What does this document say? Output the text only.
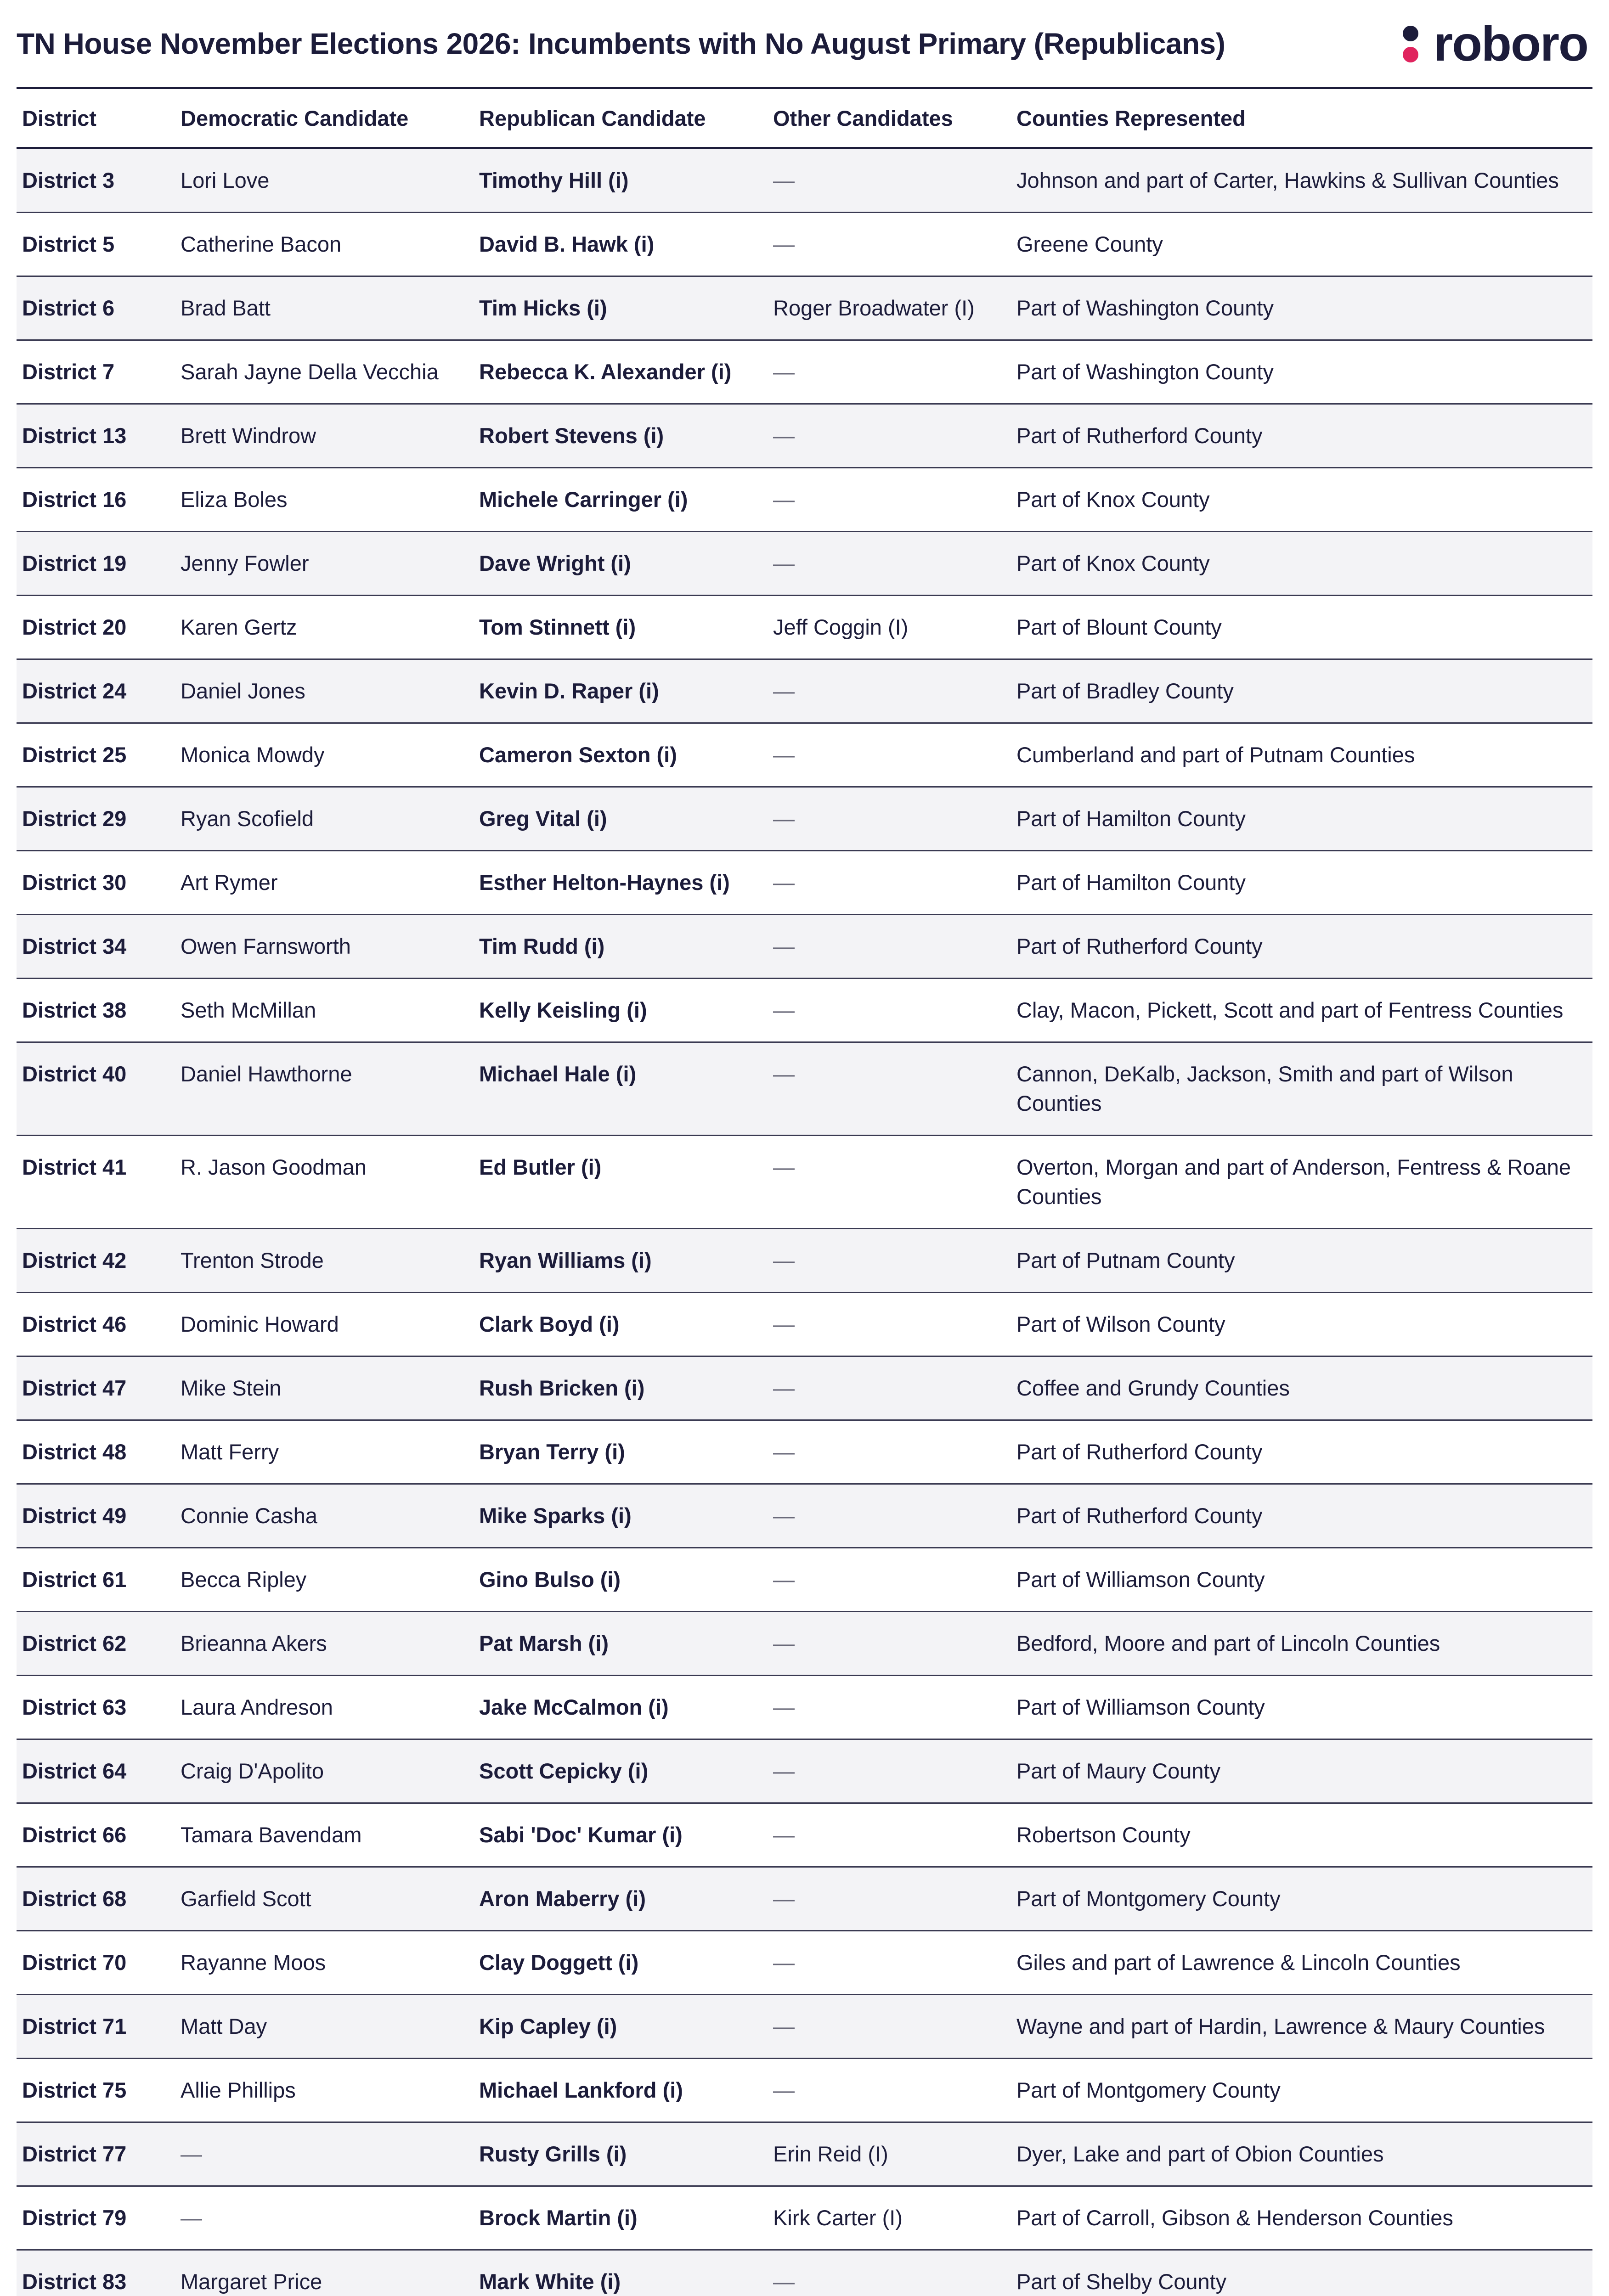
TN House November Elections 2026: Incumbents with No August Primary (Republicans)	roboro
District	Democratic Candidate	Republican Candidate	Other Candidates	Counties Represented
District 3	Lori Love	Timothy Hill (i)	—	Johnson and part of Carter, Hawkins & Sullivan Counties
District 5	Catherine Bacon	David B. Hawk (i)	—	Greene County
District 6	Brad Batt	Tim Hicks (i)	Roger Broadwater (I)	Part of Washington County
District 7	Sarah Jayne Della Vecchia	Rebecca K. Alexander (i)	—	Part of Washington County
District 13	Brett Windrow	Robert Stevens (i)	—	Part of Rutherford County
District 16	Eliza Boles	Michele Carringer (i)	—	Part of Knox County
District 19	Jenny Fowler	Dave Wright (i)	—	Part of Knox County
District 20	Karen Gertz	Tom Stinnett (i)	Jeff Coggin (I)	Part of Blount County
District 24	Daniel Jones	Kevin D. Raper (i)	—	Part of Bradley County
District 25	Monica Mowdy	Cameron Sexton (i)	—	Cumberland and part of Putnam Counties
District 29	Ryan Scofield	Greg Vital (i)	—	Part of Hamilton County
District 30	Art Rymer	Esther Helton-Haynes (i)	—	Part of Hamilton County
District 34	Owen Farnsworth	Tim Rudd (i)	—	Part of Rutherford County
District 38	Seth McMillan	Kelly Keisling (i)	—	Clay, Macon, Pickett, Scott and part of Fentress Counties
District 40	Daniel Hawthorne	Michael Hale (i)	—	Cannon, DeKalb, Jackson, Smith and part of Wilson Counties
District 41	R. Jason Goodman	Ed Butler (i)	—	Overton, Morgan and part of Anderson, Fentress & Roane Counties
District 42	Trenton Strode	Ryan Williams (i)	—	Part of Putnam County
District 46	Dominic Howard	Clark Boyd (i)	—	Part of Wilson County
District 47	Mike Stein	Rush Bricken (i)	—	Coffee and Grundy Counties
District 48	Matt Ferry	Bryan Terry (i)	—	Part of Rutherford County
District 49	Connie Casha	Mike Sparks (i)	—	Part of Rutherford County
District 61	Becca Ripley	Gino Bulso (i)	—	Part of Williamson County
District 62	Brieanna Akers	Pat Marsh (i)	—	Bedford, Moore and part of Lincoln Counties
District 63	Laura Andreson	Jake McCalmon (i)	—	Part of Williamson County
District 64	Craig D'Apolito	Scott Cepicky (i)	—	Part of Maury County
District 66	Tamara Bavendam	Sabi 'Doc' Kumar (i)	—	Robertson County
District 68	Garfield Scott	Aron Maberry (i)	—	Part of Montgomery County
District 70	Rayanne Moos	Clay Doggett (i)	—	Giles and part of Lawrence & Lincoln Counties
District 71	Matt Day	Kip Capley (i)	—	Wayne and part of Hardin, Lawrence & Maury Counties
District 75	Allie Phillips	Michael Lankford (i)	—	Part of Montgomery County
District 77	—	Rusty Grills (i)	Erin Reid (I)	Dyer, Lake and part of Obion Counties
District 79	—	Brock Martin (i)	Kirk Carter (I)	Part of Carroll, Gibson & Henderson Counties
District 83	Margaret Price	Mark White (i)	—	Part of Shelby County
